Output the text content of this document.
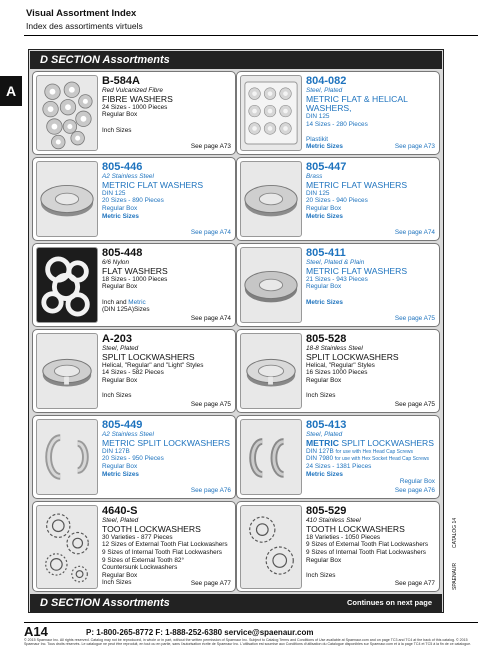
Visual Assortment Index
Index des assortiments virtuels
A
D SECTION Assortments
B-584A
Red Vulcanized Fibre
FIBRE WASHERS
24 Sizes - 1000 Pieces
Regular Box

Inch Sizes
See page A73
804-082
Steel, Plated
METRIC FLAT & HELICAL WASHERS,
DIN 125
14 Sizes - 280 Pieces

Plastikit
Metric Sizes	See page A73
805-446
A2 Stainless Steel
METRIC FLAT WASHERS
DIN 125
20 Sizes - 890 Pieces
Regular Box
Metric Sizes
See page A74
805-447
Brass
METRIC FLAT WASHERS
DIN 125
20 Sizes - 940 Pieces
Regular Box
Metric Sizes
See page A74
805-448
6/6 Nylon
FLAT WASHERS
18 Sizes - 1000 Pieces
Regular Box

Inch and Metric
(DIN 125A)Sizes
See page A74
805-411
Steel, Plated & Plain
METRIC FLAT WASHERS
21 Sizes - 943 Pieces
Regular Box

Metric Sizes
See page A75
A-203
Steel, Plated
SPLIT LOCKWASHERS
Helical, "Regular" and "Light" Styles
14 Sizes - 582 Pieces
Regular Box

Inch Sizes
See page A75
805-528
18-8 Stainless Steel
SPLIT LOCKWASHERS
Helical, "Regular" Styles
16 Sizes 1000 Pieces
Regular Box

Inch Sizes
See page A75
805-449
A2 Stainless Steel
METRIC SPLIT LOCKWASHERS
DIN 127B
20 Sizes - 950 Pieces
Regular Box
Metric Sizes
See page A76
805-413
Steel, Plated
METRIC SPLIT LOCKWASHERS
DIN 127B for use with Hex Head Cap Screws
DIN 7980 for use with Hex Socket Head Cap Screws
24 Sizes - 1381 Pieces
Metric Sizes
Regular Box
See page A76
4640-S
Steel, Plated
TOOTH LOCKWASHERS
30 Varieties - 877 Pieces
12 Sizes of External Tooth Flat Lockwashers
9 Sizes of Internal Tooth Flat Lockwashers
9 Sizes of External Tooth 82°
Countersunk Lockwashers
Regular Box
Inch Sizes	See page A77
805-529
410 Stainless Steel
TOOTH LOCKWASHERS
18 Varieties - 1050 Pieces
9 Sizes of External Tooth Flat Lockwashers
9 Sizes of Internal Tooth Flat Lockwashers
Regular Box

Inch Sizes
See page A77
D SECTION Assortments	Continues on next page
CATALOG 14
SPAENAUR
A14	P: 1-800-265-8772 F: 1-888-252-6380 service@spaenaur.com
© 2015 Spaenaur Inc. All rights reserved. Catalog may not be reproduced, in whole or in part, without the written permission of Spaenaur Inc. Subject to Catalog Terms and Conditions of Use available at Spaenaur.com and on page TC3 and TC4 at the back of this catalog. © 2015 Spaenaur Inc. Tous droits réservés. Le catalogue ne peut être reproduit, en tout ou en partie, sans l'autorisation écrite de Spaenaur Inc. L'utilisation est soumise aux Conditions d'utilisation du Catalogue disponibles sur Spaenaur.com et à la page TC4 et TC5 à la fin de ce catalogue.
